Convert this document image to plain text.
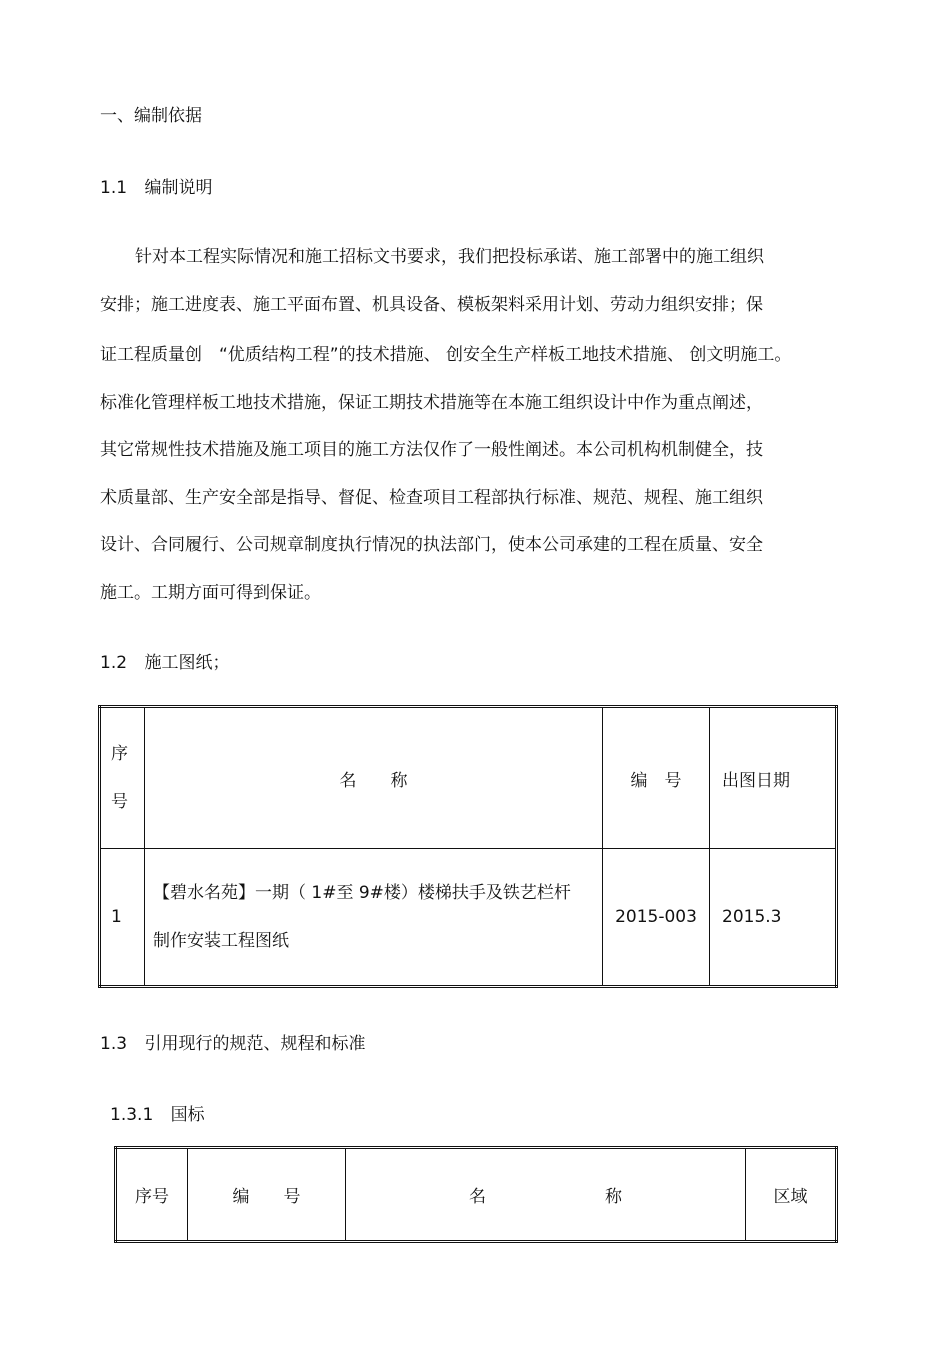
一、编制依据
1.1 编制说明
针对本工程实际情况和施工招标文书要求，我们把投标承诺、施工部署中的施工组织
安排；施工进度表、施工平面布置、机具设备、模板架料采用计划、劳动力组织安排；保
证工程质量创　“优质结构工程”的技术措施、 创安全生产样板工地技术措施、 创文明施工。
标准化管理样板工地技术措施，保证工期技术措施等在本施工组织设计中作为重点阐述，
其它常规性技术措施及施工项目的施工方法仅作了一般性阐述。本公司机构机制健全，技
术质量部、生产安全部是指导、督促、检查项目工程部执行标准、规范、规程、施工组织
设计、合同履行、公司规章制度执行情况的执法部门，使本公司承建的工程在质量、安全
施工。工期方面可得到保证。
1.2 施工图纸；
序
号	名　　称	编　号	出图日期
1	【碧水名苑】一期（ 1#至 9#楼）楼梯扶手及铁艺栏杆
制作安装工程图纸	2015-003	2015.3
1.3 引用现行的规范、规程和标准
1.3.1 国标
序号	编　　号	名　　　　　　　称	区域
